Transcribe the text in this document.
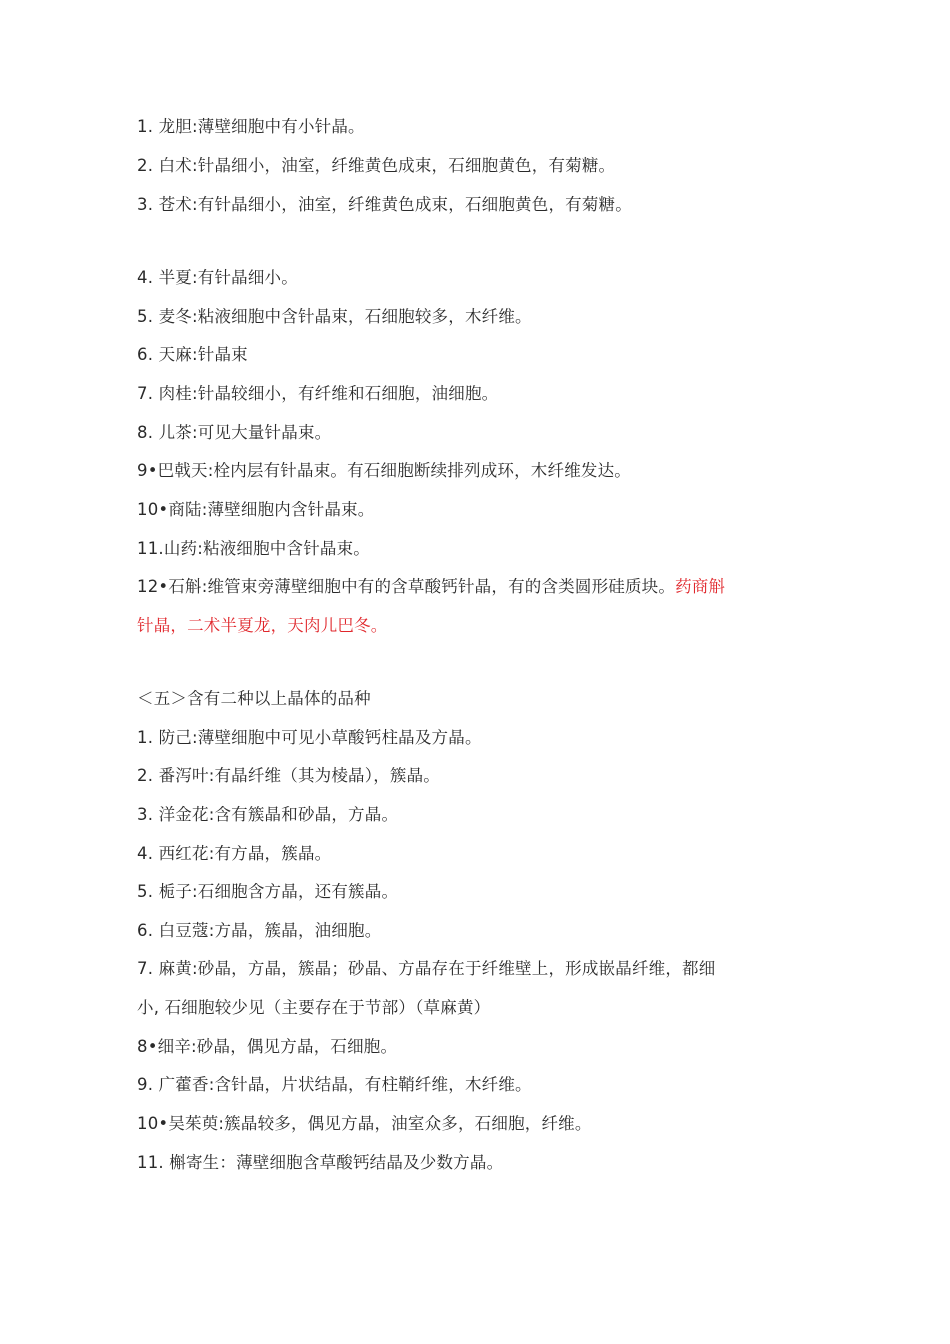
1. 龙胆:薄壁细胞中有小针晶。
2. 白术:针晶细小，油室，纤维黄色成束，石细胞黄色，有菊糖。
3. 苍术:有针晶细小，油室，纤维黄色成束，石细胞黄色，有菊糖。
4. 半夏:有针晶细小。
5. 麦冬:粘液细胞中含针晶束，石细胞较多，木纤维。
6. 天麻:针晶束
7. 肉桂:针晶较细小，有纤维和石细胞，油细胞。
8. 儿茶:可见大量针晶束。
9•巴戟天:栓内层有针晶束。有石细胞断续排列成环，木纤维发达。
10•商陆:薄壁细胞内含针晶束。
11.山药:粘液细胞中含针晶束。
12•石斛:维管束旁薄壁细胞中有的含草酸钙针晶，有的含类圆形硅质块。药商斛
针晶，二术半夏龙，天肉儿巴冬。
＜五＞含有二种以上晶体的品种
1. 防己:薄壁细胞中可见小草酸钙柱晶及方晶。
2. 番泻叶:有晶纤维（其为棱晶），簇晶。
3. 洋金花:含有簇晶和砂晶，方晶。
4. 西红花:有方晶，簇晶。
5. 栀子:石细胞含方晶，还有簇晶。
6. 白豆蔻:方晶，簇晶，油细胞。
7. 麻黄:砂晶，方晶，簇晶；砂晶、方晶存在于纤维壁上，形成嵌晶纤维，都细
小, 石细胞较少见（主要存在于节部）（草麻黄）
8•细辛:砂晶，偶见方晶，石细胞。
9. 广藿香:含针晶，片状结晶，有柱鞘纤维，木纤维。
10•吴茱萸:簇晶较多，偶见方晶，油室众多，石细胞，纤维。
11. 槲寄生：薄壁细胞含草酸钙结晶及少数方晶。
